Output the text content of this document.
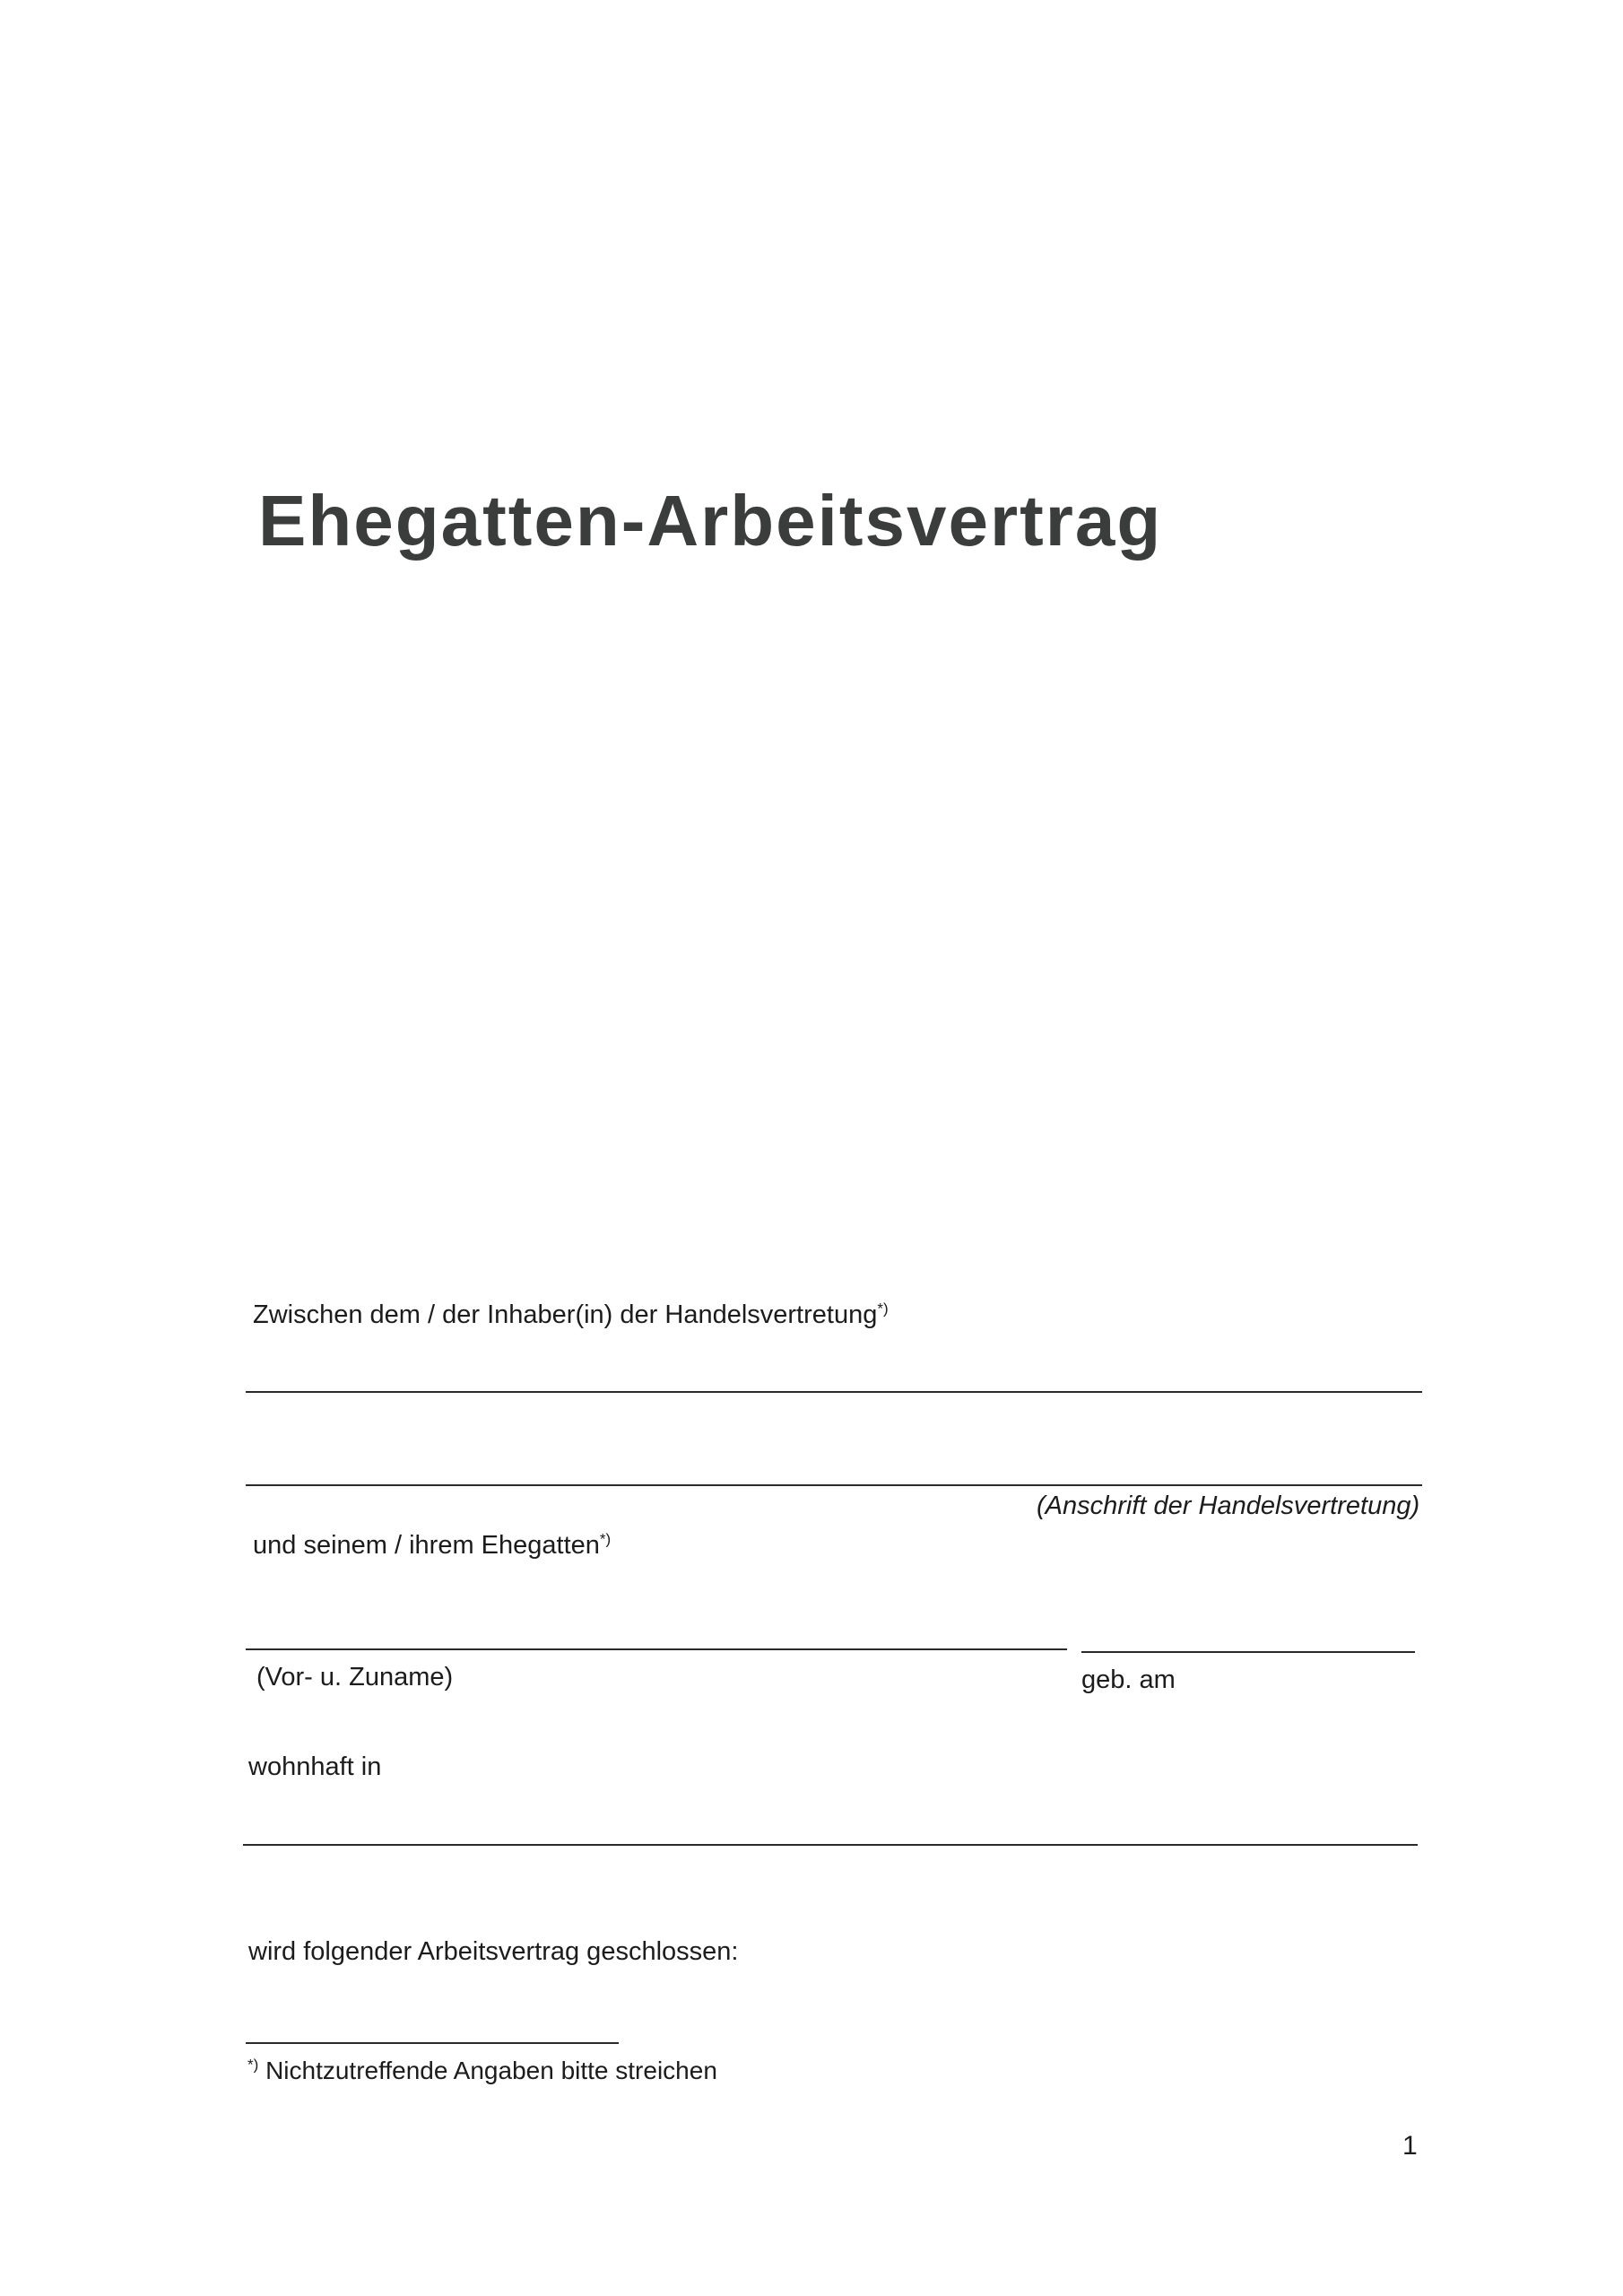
Ehegatten-Arbeitsvertrag

Zwischen dem / der Inhaber(in) der Handelsvertretung*)

(Anschrift der Handelsvertretung)

und seinem / ihrem Ehegatten*)

(Vor- u. Zuname)	geb. am

wohnhaft in

wird folgender Arbeitsvertrag geschlossen:

*) Nichtzutreffende Angaben bitte streichen
1
